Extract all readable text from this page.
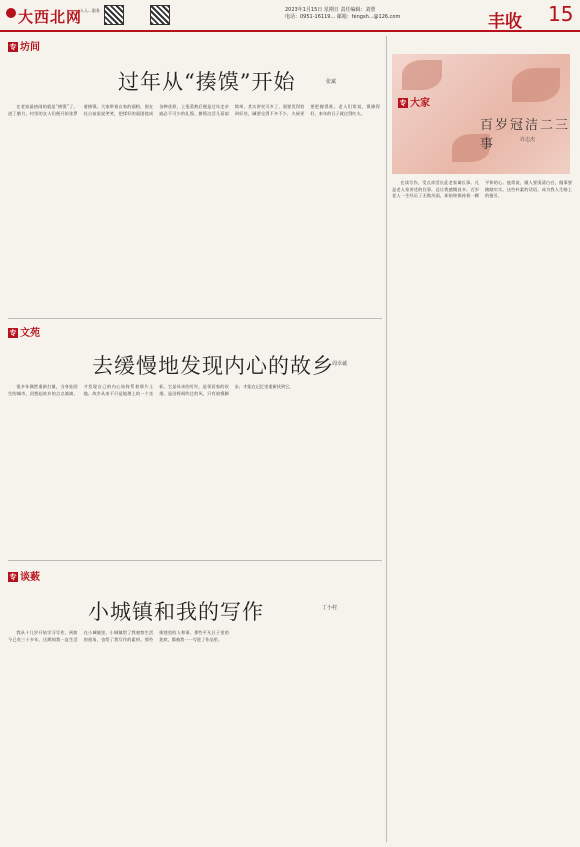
大西北网
人人...服务	2023年1月15日 星期日 责任编辑：刘蕾
电话：0951-16119... 邮箱：fengsh...@126.com	丰收 15
专 坊间
过年从“揍馍”开始	张斌

在老家最热闹的就是“揍馍”了，进了腊月，村里的女人们便开始张罗着揍馍。大家带着自家的面粉，围在灶台前说说笑笑，把揉好的面团搓成各种花样，上笼蒸熟后便是过年走亲戚必不可少的礼馍。揍馍这活儿看似简单，其实讲究可多了，面要发得恰到好处，碱要兑得不多不少，火候更要把握得准。老人们常说，馍揍得好，来年的日子就过得红火。

专 文苑
去缓慢地发现内心的故乡
周幸诚

很多年偶然重新打量，当身处陌生的城市，回想起故乡的点点滴滴，才发现自己的内心始终系着那片土地。故乡从来不只是地理上的一个坐标，它是母亲的叮咛，是邻居家的炊烟，是田野间吹过的风。只有放慢脚步，才能在记忆里重新找到它。

专 谈薮
小城镇和我的写作	丁小村

我从十几岁开始学习写作，到如今已有三十多年，这期间我一直生活在小城镇里。小城镇给了我观察生活的视角，也给了我写作的素材。那些街巷里的人和事，那些平凡日子里的悲欢，都被我一一写进了作品里。

专 大家
百岁冠洁二三事	许志杰

在读写作，受点祥活长征老家谒长事。凡是老人家讲述的往事，总让我感慨良多。百岁老人一生经历了无数风雨，却始终保持着一颗平和的心。他常说，做人要清清白白，做事要踏踏实实。这些朴素的话语，成为我人生路上的指引。
